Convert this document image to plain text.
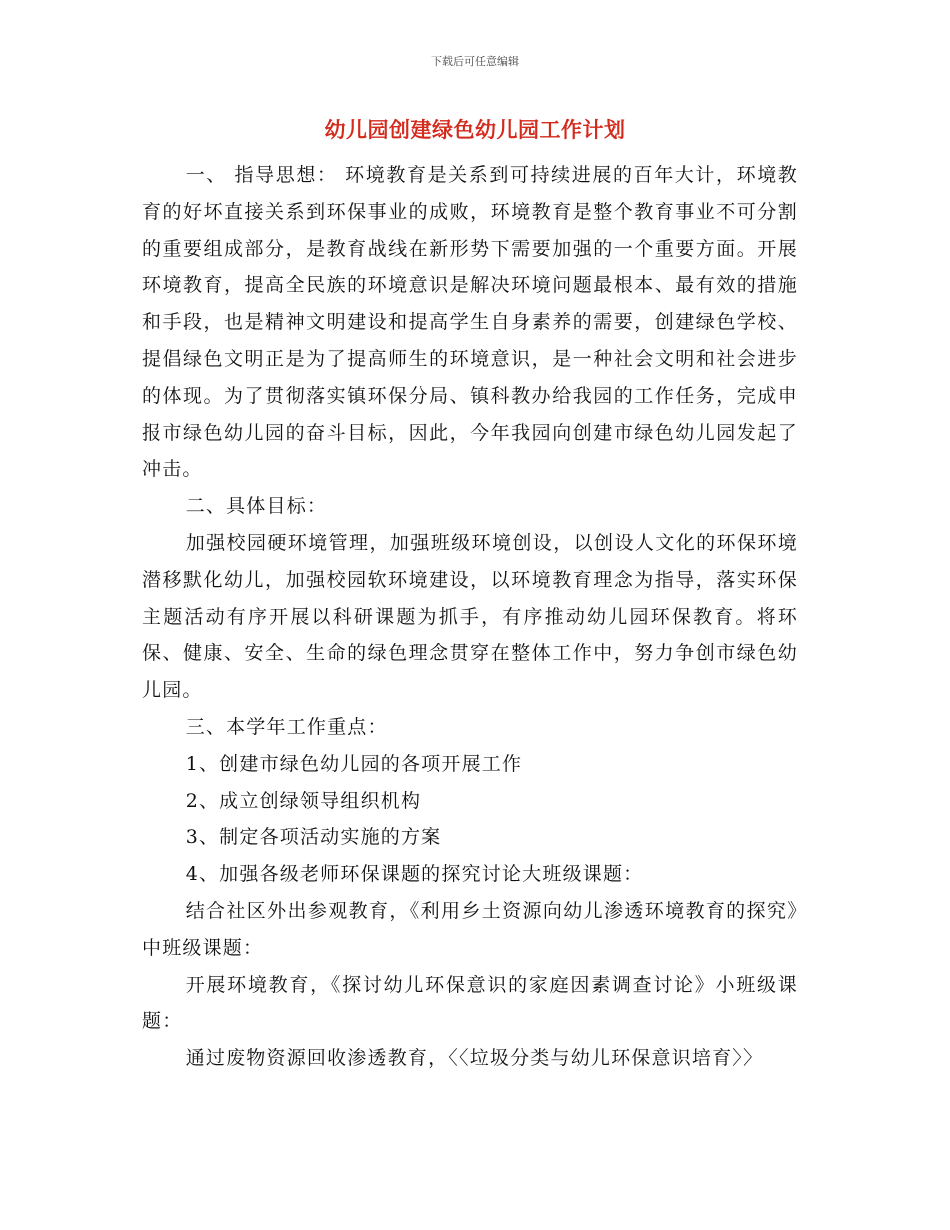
下载后可任意编辑
幼儿园创建绿色幼儿园工作计划

一、 指导思想： 环境教育是关系到可持续进展的百年大计，环境教育的好坏直接关系到环保事业的成败，环境教育是整个教育事业不可分割的重要组成部分，是教育战线在新形势下需要加强的一个重要方面。开展环境教育，提高全民族的环境意识是解决环境问题最根本、最有效的措施和手段，也是精神文明建设和提高学生自身素养的需要，创建绿色学校、提倡绿色文明正是为了提高师生的环境意识，是一种社会文明和社会进步的体现。为了贯彻落实镇环保分局、镇科教办给我园的工作任务，完成申报市绿色幼儿园的奋斗目标，因此，今年我园向创建市绿色幼儿园发起了冲击。

二、具体目标：

加强校园硬环境管理，加强班级环境创设，以创设人文化的环保环境潜移默化幼儿，加强校园软环境建设，以环境教育理念为指导，落实环保主题活动有序开展以科研课题为抓手，有序推动幼儿园环保教育。将环保、健康、安全、生命的绿色理念贯穿在整体工作中，努力争创市绿色幼儿园。

三、本学年工作重点：

1、创建市绿色幼儿园的各项开展工作

2、成立创绿领导组织机构

3、制定各项活动实施的方案

4、加强各级老师环保课题的探究讨论大班级课题：

结合社区外出参观教育，《利用乡土资源向幼儿渗透环境教育的探究》中班级课题：

开展环境教育，《探讨幼儿环保意识的家庭因素调查讨论》小班级课题：

通过废物资源回收渗透教育，〈〈垃圾分类与幼儿环保意识培育〉〉
